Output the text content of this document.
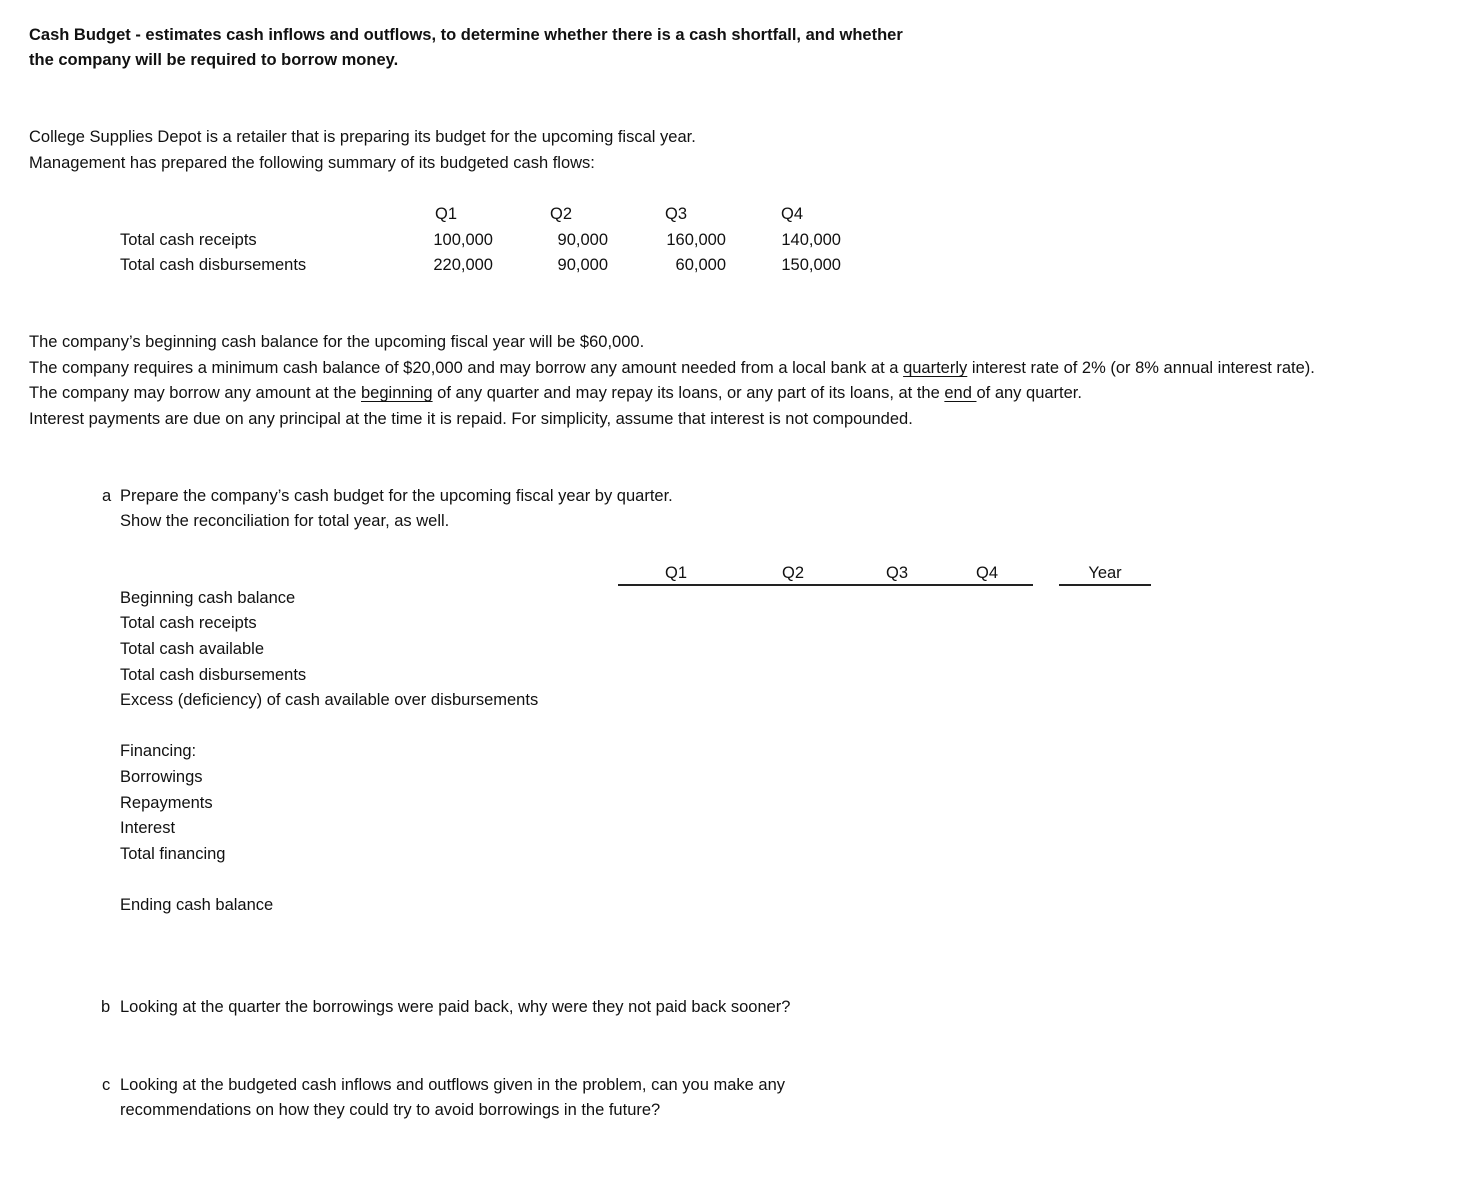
Cash Budget - estimates cash inflows and outflows, to determine whether there is a cash shortfall, and whether
the company will be required to borrow money.
College Supplies Depot is a retailer that is preparing its budget for the upcoming fiscal year.
Management has prepared the following summary of its budgeted cash flows:
Q1	Q2	Q3	Q4
Total cash receipts	100,000	90,000	160,000	140,000
Total cash disbursements	220,000	90,000	60,000	150,000
The company’s beginning cash balance for the upcoming fiscal year will be $60,000.
The company requires a minimum cash balance of $20,000 and may borrow any amount needed from a local bank at a quarterly interest rate of 2% (or 8% annual interest rate).
The company may borrow any amount at the beginning of any quarter and may repay its loans, or any part of its loans, at the end of any quarter.
Interest payments are due on any principal at the time it is repaid. For simplicity, assume that interest is not compounded.
a Prepare the company’s cash budget for the upcoming fiscal year by quarter.
Show the reconciliation for total year, as well.
Q1	Q2	Q3	Q4	Year
Beginning cash balance
Total cash receipts
Total cash available
Total cash disbursements
Excess (deficiency) of cash available over disbursements
Financing:
Borrowings
Repayments
Interest
Total financing
Ending cash balance
b Looking at the quarter the borrowings were paid back, why were they not paid back sooner?
c Looking at the budgeted cash inflows and outflows given in the problem, can you make any
recommendations on how they could try to avoid borrowings in the future?
